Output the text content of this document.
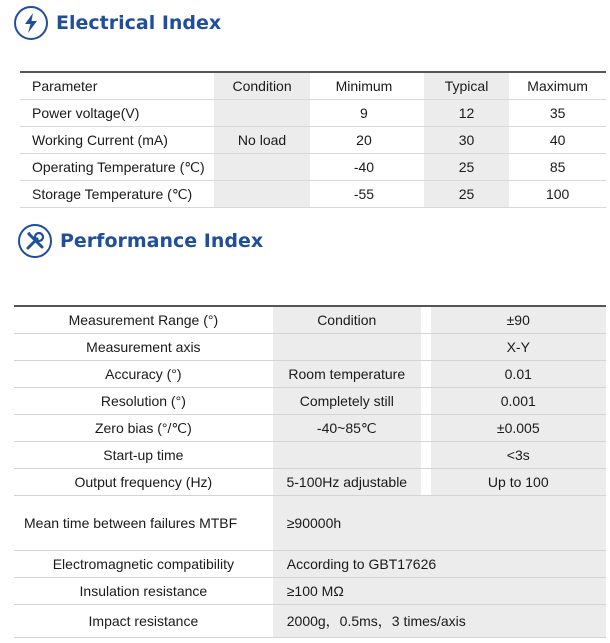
Electrical Index
Parameter	Condition	Minimum		Typical	Maximum
Power voltage(V)		9		12	35
Working Current (mA)	No load	20		30	40
Operating Temperature (℃)		-40		25	85
Storage Temperature (℃)		-55		25	100
Performance Index
Measurement Range (°)	Condition		±90
Measurement axis			X-Y
Accuracy (°)	Room temperature		0.01
Resolution (°)	Completely still		0.001
Zero bias (°/℃)	-40~85℃		±0.005
Start-up time			<3s
Output frequency (Hz)	5-100Hz adjustable		Up to 100
Mean time between failures MTBF	≥90000h		
Electromagnetic compatibility	According to GBT17626		
Insulation resistance	≥100 MΩ		
Impact resistance	2000g，0.5ms，3 times/axis		
